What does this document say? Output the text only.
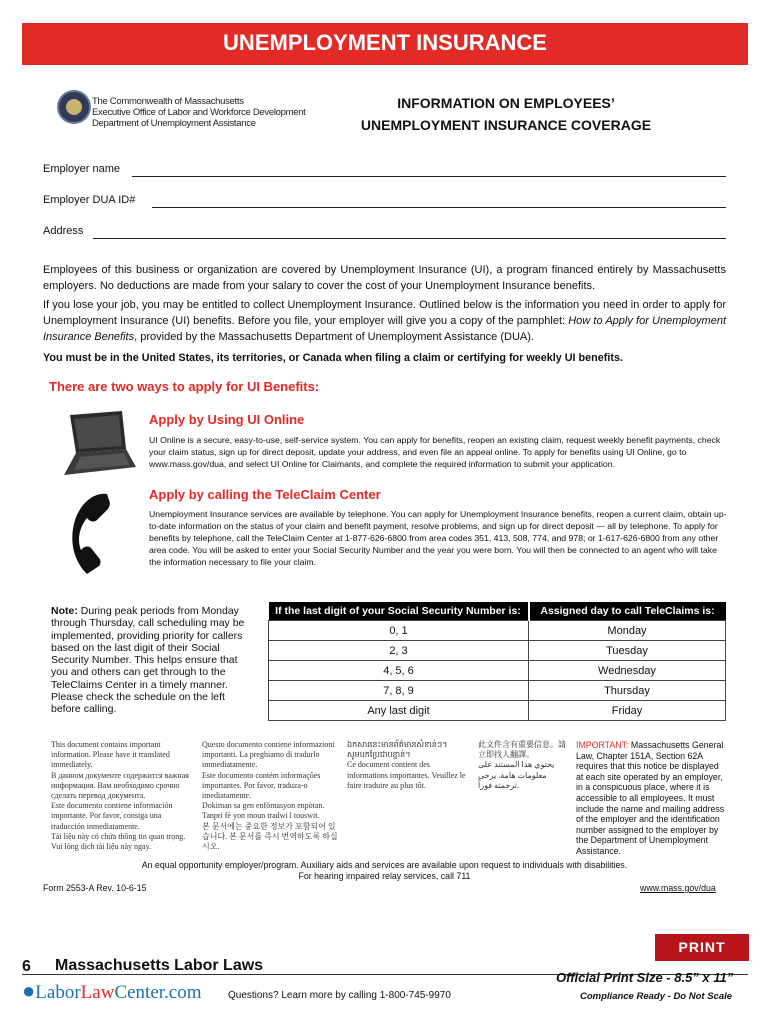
UNEMPLOYMENT INSURANCE
The Commonwealth of Massachusetts
Executive Office of Labor and Workforce Development
Department of Unemployment Assistance
INFORMATION ON EMPLOYEES’
UNEMPLOYMENT INSURANCE COVERAGE
Employer name
Employer DUA ID#
Address
Employees of this business or organization are covered by Unemployment Insurance (UI), a program financed entirely by Massachusetts employers. No deductions are made from your salary to cover the cost of your Unemployment Insurance benefits.
If you lose your job, you may be entitled to collect Unemployment Insurance. Outlined below is the information you need in order to apply for Unemployment Insurance (UI) benefits. Before you file, your employer will give you a copy of the pamphlet: How to Apply for Unemployment Insurance Benefits, provided by the Massachusetts Department of Unemployment Assistance (DUA).
You must be in the United States, its territories, or Canada when filing a claim or certifying for weekly UI benefits.
There are two ways to apply for UI Benefits:
Apply by Using UI Online
UI Online is a secure, easy-to-use, self-service system. You can apply for benefits, reopen an existing claim, request weekly benefit payments, check your claim status, sign up for direct deposit, update your address, and even file an appeal online. To apply for benefits using UI Online, go to www.mass.gov/dua, and select UI Online for Claimants, and complete the required information to submit your application.
Apply by calling the TeleClaim Center
Unemployment Insurance services are available by telephone. You can apply for Unemployment Insurance benefits, reopen a current claim, obtain up-to-date information on the status of your claim and benefit payment, resolve problems, and sign up for direct deposit — all by telephone. To apply for benefits by telephone, call the TeleClaim Center at 1-877-626-6800 from area codes 351, 413, 508, 774, and 978; or 1-617-626-6800 from any other area code. You will be asked to enter your Social Security Number and the year you were born. You will then be connected to an agent who will take the information necessary to file your claim.
Note: During peak periods from Monday through Thursday, call scheduling may be implemented, providing priority for callers based on the last digit of their Social Security Number. This helps ensure that you and others can get through to the TeleClaims Center in a timely manner. Please check the schedule on the left before calling.
If the last digit of your Social Security Number is:	Assigned day to call TeleClaims is:
0, 1	Monday
2, 3	Tuesday
4, 5, 6	Wednesday
7, 8, 9	Thursday
Any last digit	Friday
This document contains important information. Please have it translated immediately.
В данном документе содержится важная информация. Вам необходимо срочно сделать перевод документа.
Este documento contiene información importante. Por favor, consiga una traducción inmediatamente.
Tài liệu này có chứa thông tin quan trọng. Vui lòng dịch tài liệu này ngay.
Questo documento contiene informazioni importanti. La preghiamo di tradurlo immediatamente.
Este documento contém informações importantes. Por favor, traduza-o imediatamente.
Dokiman sa gen enfòmasyon enpòtan. Tanpri fè yon moun tradwi l touswit.
본 문서에는 중요한 정보가 포함되어 있습니다. 본 문서를 즉시 번역하도록 하십시오.
ឯកសារនេះមានព័ត៌មានសំខាន់ៗ។ សូមបកប្រែជាបន្ទាន់។
Ce document contient des informations importantes. Veuillez le faire traduire au plus tôt.
此文件含有重要信息。請立即找人翻譯。
يحتوي هذا المستند على معلومات هامة. يرجى ترجمته فوراً.
IMPORTANT: Massachusetts General Law, Chapter 151A, Section 62A requires that this notice be displayed at each site operated by an employer, in a conspicuous place, where it is accessible to all employees. It must include the name and mailing address of the employer and the identification number assigned to the employer by the Department of Unemployment Assistance.
An equal opportunity employer/program. Auxiliary aids and services are available upon request to individuals with disabilities.
For hearing impaired relay services, call 711
Form 2553-A Rev. 10-6-15	www.mass.gov/dua
PRINT
6 Massachusetts Labor Laws
●LaborLawCenter.com	Questions? Learn more by calling 1-800-745-9970
Official Print Size - 8.5” x 11”
Compliance Ready - Do Not Scale
